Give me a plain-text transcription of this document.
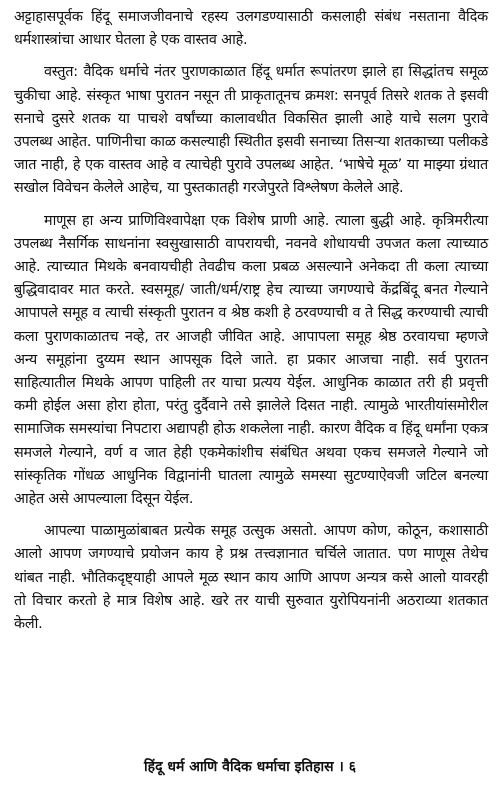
अट्टाहासपूर्वक हिंदू समाजजीवनाचे रहस्य उलगडण्यासाठी कसलाही संबंध नसताना वैदिक धर्मशास्त्रांचा आधार घेतला हे एक वास्तव आहे.

वस्तुत: वैदिक धर्माचे नंतर पुराणकाळात हिंदू धर्मात रूपांतरण झाले हा सिद्धांतच समूळ चुकीचा आहे. संस्कृत भाषा पुरातन नसून ती प्राकृतातूनच क्रमश: सनपूर्व तिसरे शतक ते इसवी सनाचे दुसरे शतक या पाचशे वर्षांच्या कालावधीत विकसित झाली आहे याचे सलग पुरावे उपलब्ध आहेत. पाणिनीचा काळ कसल्याही स्थितीत इसवी सनाच्या तिसऱ्या शतकाच्या पलीकडे जात नाही, हे एक वास्तव आहे व त्याचेही पुरावे उपलब्ध आहेत. ‘भाषेचे मूळ’ या माझ्या ग्रंथात सखोल विवेचन केलेले आहेच, या पुस्तकातही गरजेपुरते विश्लेषण केलेले आहे.

माणूस हा अन्य प्राणिविश्वापेक्षा एक विशेष प्राणी आहे. त्याला बुद्धी आहे. कृत्रिमरीत्या उपलब्ध नैसर्गिक साधनांना स्वसुखासाठी वापरायची, नवनवे शोधायची उपजत कला त्याच्याठ आहे. त्याच्यात मिथके बनवायचीही तेवढीच कला प्रबळ असल्याने अनेकदा ती कला त्याच्या बुद्धिवादावर मात करते. स्वसमूह/ जाती/धर्म/राष्ट्र हेच त्याच्या जगण्याचे केंद्रबिंदू बनत गेल्याने आपापले समूह व त्याची संस्कृती पुरातन व श्रेष्ठ कशी हे ठरवण्याची व ते सिद्ध करण्याची त्याची कला पुराणकाळातच नव्हे, तर आजही जीवित आहे. आपापला समूह श्रेष्ठ ठरवायचा म्हणजे अन्य समूहांना दुय्यम स्थान आपसूक दिले जाते. हा प्रकार आजचा नाही. सर्व पुरातन साहित्यातील मिथके आपण पाहिली तर याचा प्रत्यय येईल. आधुनिक काळात तरी ही प्रवृत्ती कमी होईल असा होरा होता, परंतु दुर्दैवाने तसे झालेले दिसत नाही. त्यामुळे भारतीयांसमोरील सामाजिक समस्यांचा निपटारा अद्यापही होऊ शकलेला नाही. कारण वैदिक व हिंदू धर्मांना एकत्र समजले गेल्याने, वर्ण व जात हेही एकमेकांशीच संबंधित अथवा एकच समजले गेल्याने जो सांस्कृतिक गोंधळ आधुनिक विद्वानांनी घातला त्यामुळे समस्या सुटण्याऐवजी जटिल बनल्या आहेत असे आपल्याला दिसून येईल.

आपल्या पाळामुळांबाबत प्रत्येक समूह उत्सुक असतो. आपण कोण, कोठून, कशासाठी आलो आपण जगण्याचे प्रयोजन काय हे प्रश्न तत्त्वज्ञानात चर्चिले जातात. पण माणूस तेथेच थांबत नाही. भौतिकदृष्ट्याही आपले मूळ स्थान काय आणि आपण अन्यत्र कसे आलो यावरही तो विचार करतो हे मात्र विशेष आहे. खरे तर याची सुरुवात युरोपियनांनी अठराव्या शतकात केली.

हिंदू धर्म आणि वैदिक धर्माचा इतिहास । ६
